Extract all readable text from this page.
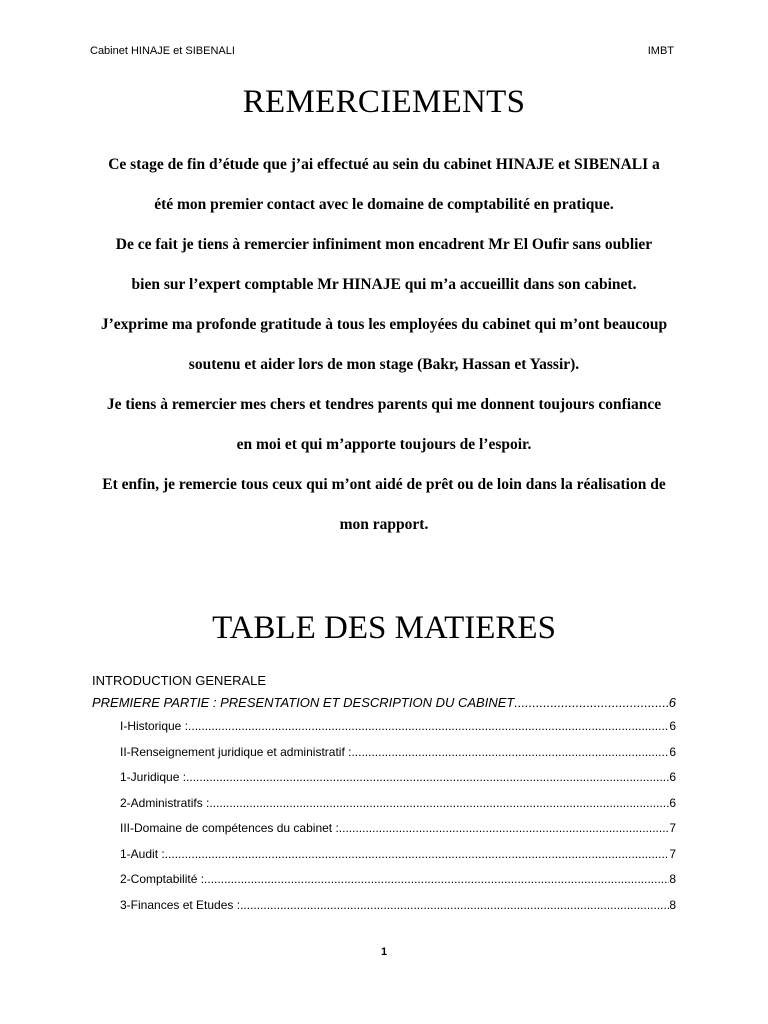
Cabinet HINAJE et SIBENALI	IMBT
REMERCIEMENTS

Ce stage de fin d’étude que j’ai effectué au sein du cabinet HINAJE et SIBENALI a été mon premier contact avec le domaine de comptabilité en pratique.

De ce fait je tiens à remercier infiniment mon encadrent Mr El Oufir sans oublier bien sur l’expert comptable Mr HINAJE qui m’a accueillit dans son cabinet.

J’exprime ma profonde gratitude à tous les employées du cabinet qui m’ont beaucoup soutenu et aider lors de mon stage (Bakr, Hassan et Yassir).

Je tiens à remercier mes chers et tendres parents qui me donnent toujours confiance en moi et qui m’apporte toujours de l’espoir.

Et enfin, je remercie tous ceux qui m’ont aidé de prêt ou de loin dans la réalisation de mon rapport.

TABLE DES MATIERES

INTRODUCTION GENERALE

PREMIERE PARTIE : PRESENTATION ET DESCRIPTION DU CABINET .....	6
I-Historique : .....	6
II-Renseignement juridique et administratif : .....	6
1-Juridique : .....	6
2-Administratifs : .....	6
III-Domaine de compétences du cabinet : .....	7
1-Audit : .....	7
2-Comptabilité : .....	8
3-Finances et Etudes : .....	8
1
